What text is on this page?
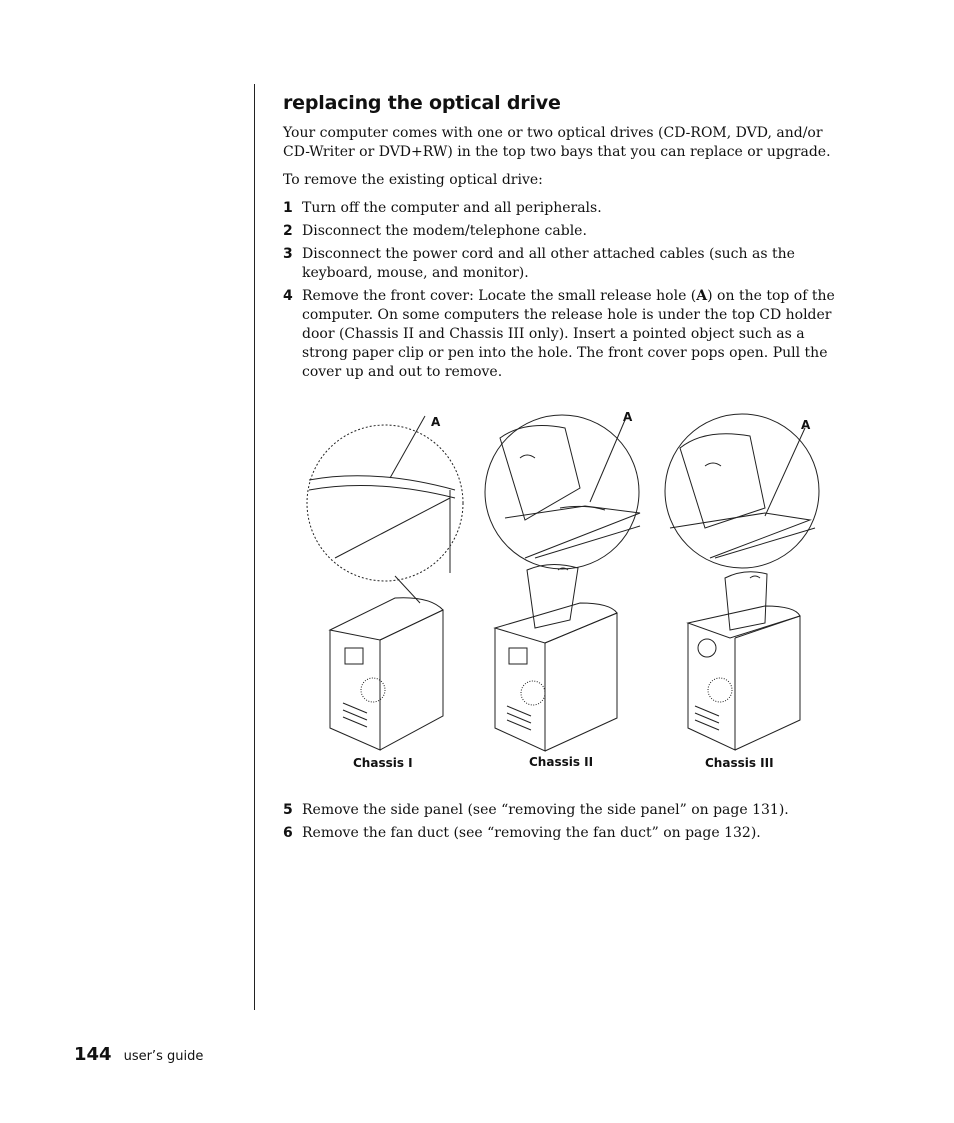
replacing the optical drive

Your computer comes with one or two optical drives (CD-ROM, DVD, and/or CD-Writer or DVD+RW) in the top two bays that you can replace or upgrade.

To remove the existing optical drive:

1 Turn off the computer and all peripherals.
2 Disconnect the modem/telephone cable.
3 Disconnect the power cord and all other attached cables (such as the keyboard, mouse, and monitor).
4 Remove the front cover: Locate the small release hole (A) on the top of the computer. On some computers the release hole is under the top CD holder door (Chassis II and Chassis III only). Insert a pointed object such as a strong paper clip or pen into the hole. The front cover pops open. Pull the cover up and out to remove.
A	A
A
Chassis I	Chassis II	Chassis III
5 Remove the side panel (see “removing the side panel” on page 131).
6 Remove the fan duct (see “removing the fan duct” on page 132).
144 user’s guide
